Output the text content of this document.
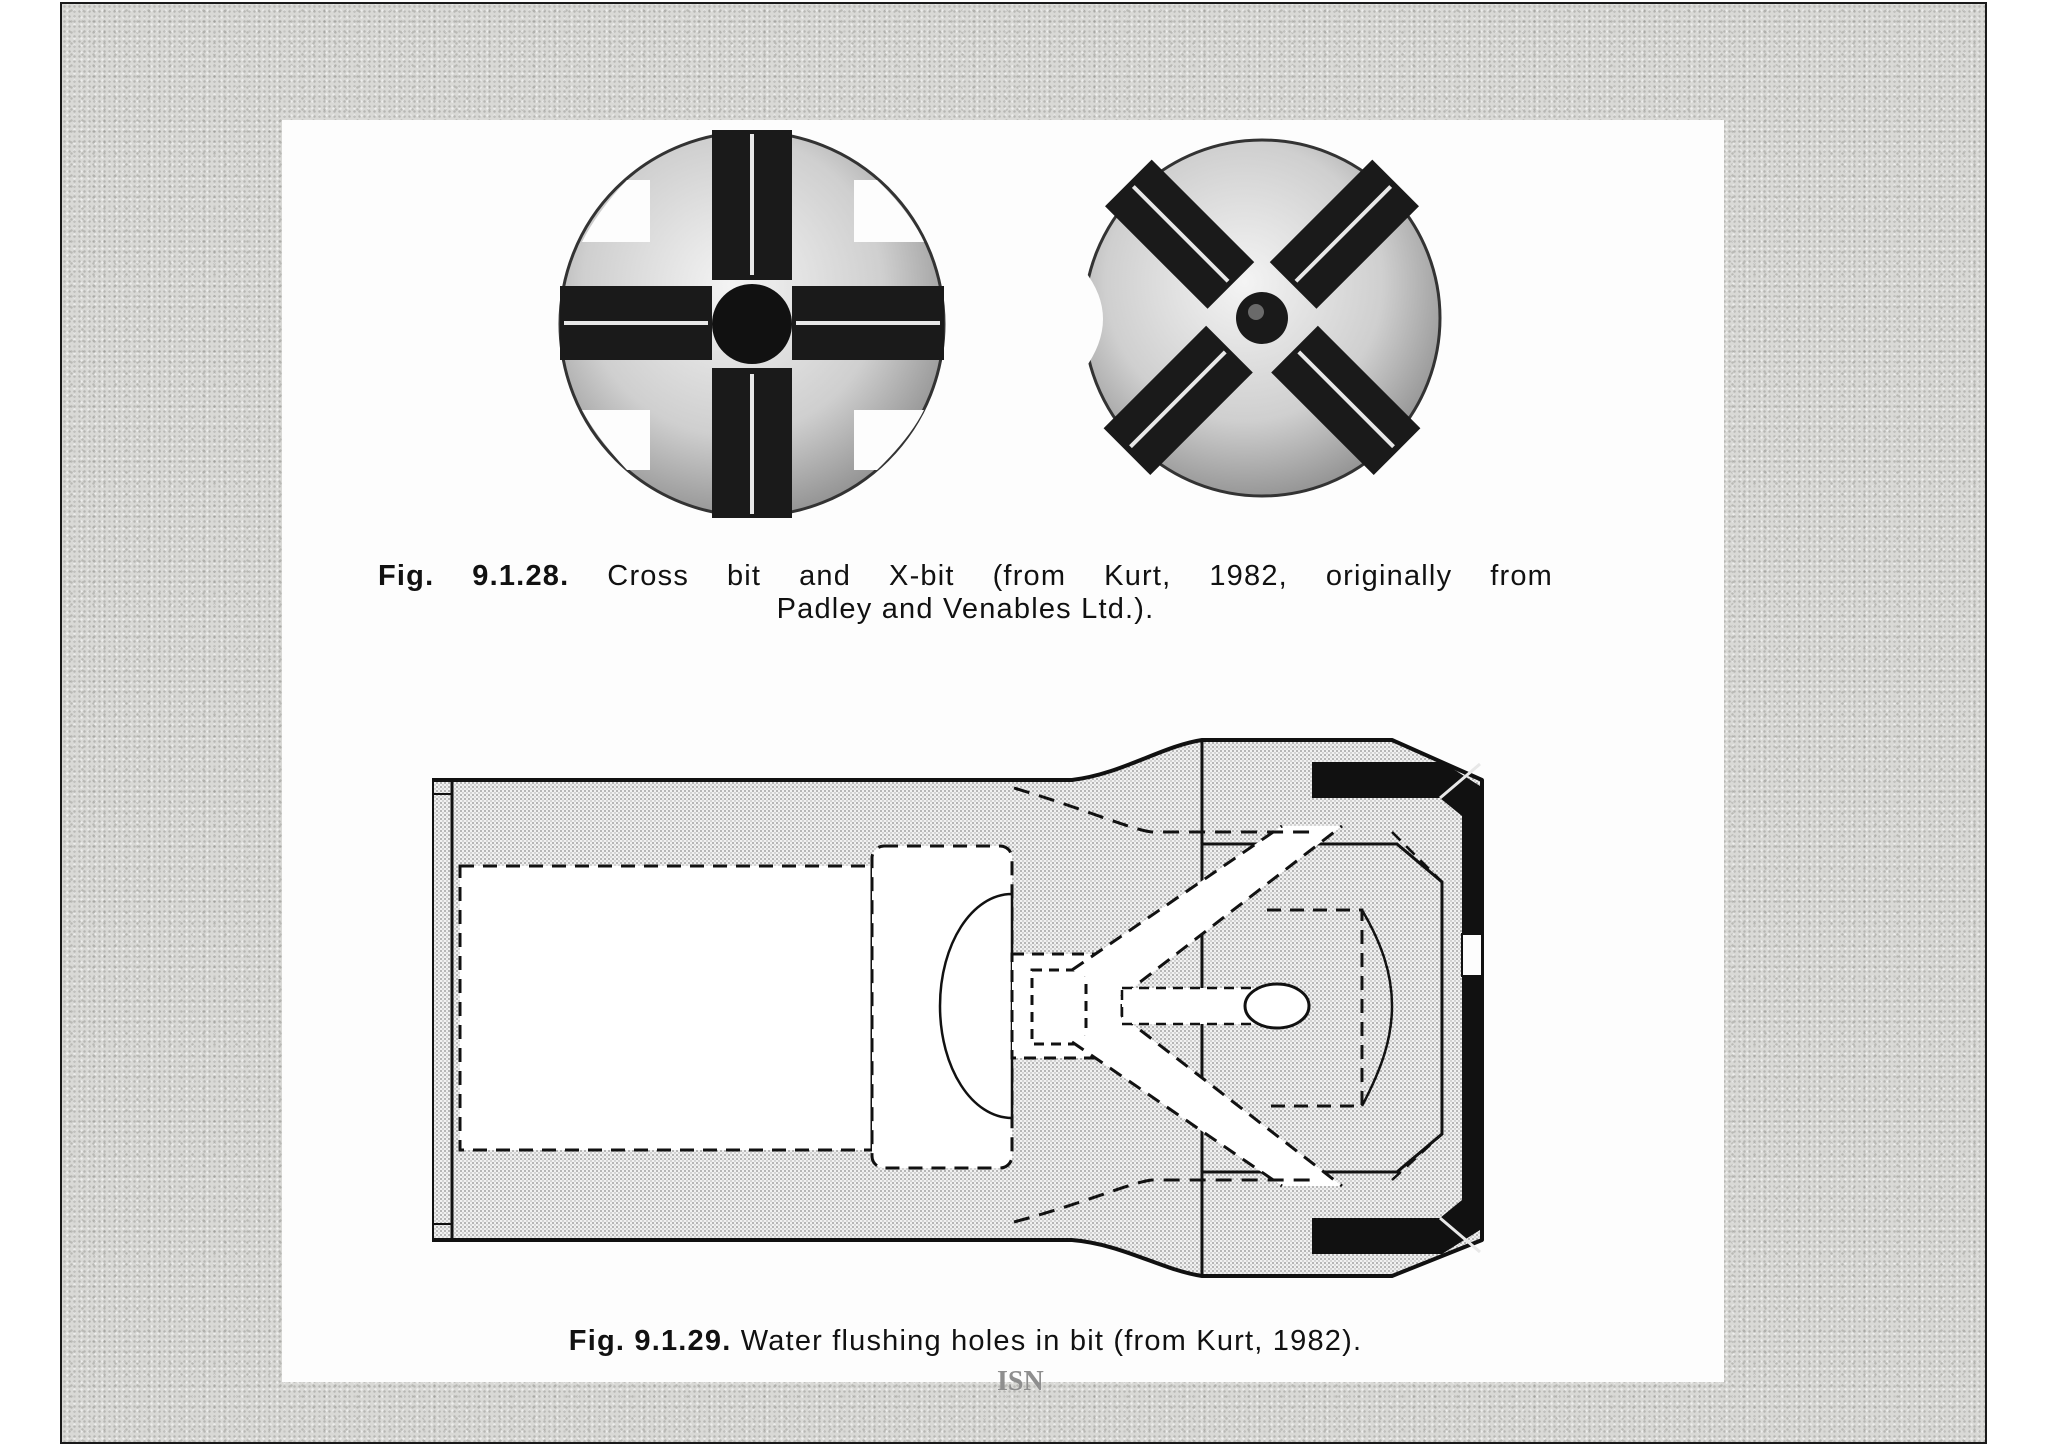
Fig. 9.1.28. Cross bit and X-bit (from Kurt, 1982, originally from
Padley and Venables Ltd.).
Fig. 9.1.29. Water flushing holes in bit (from Kurt, 1982).
ISN
